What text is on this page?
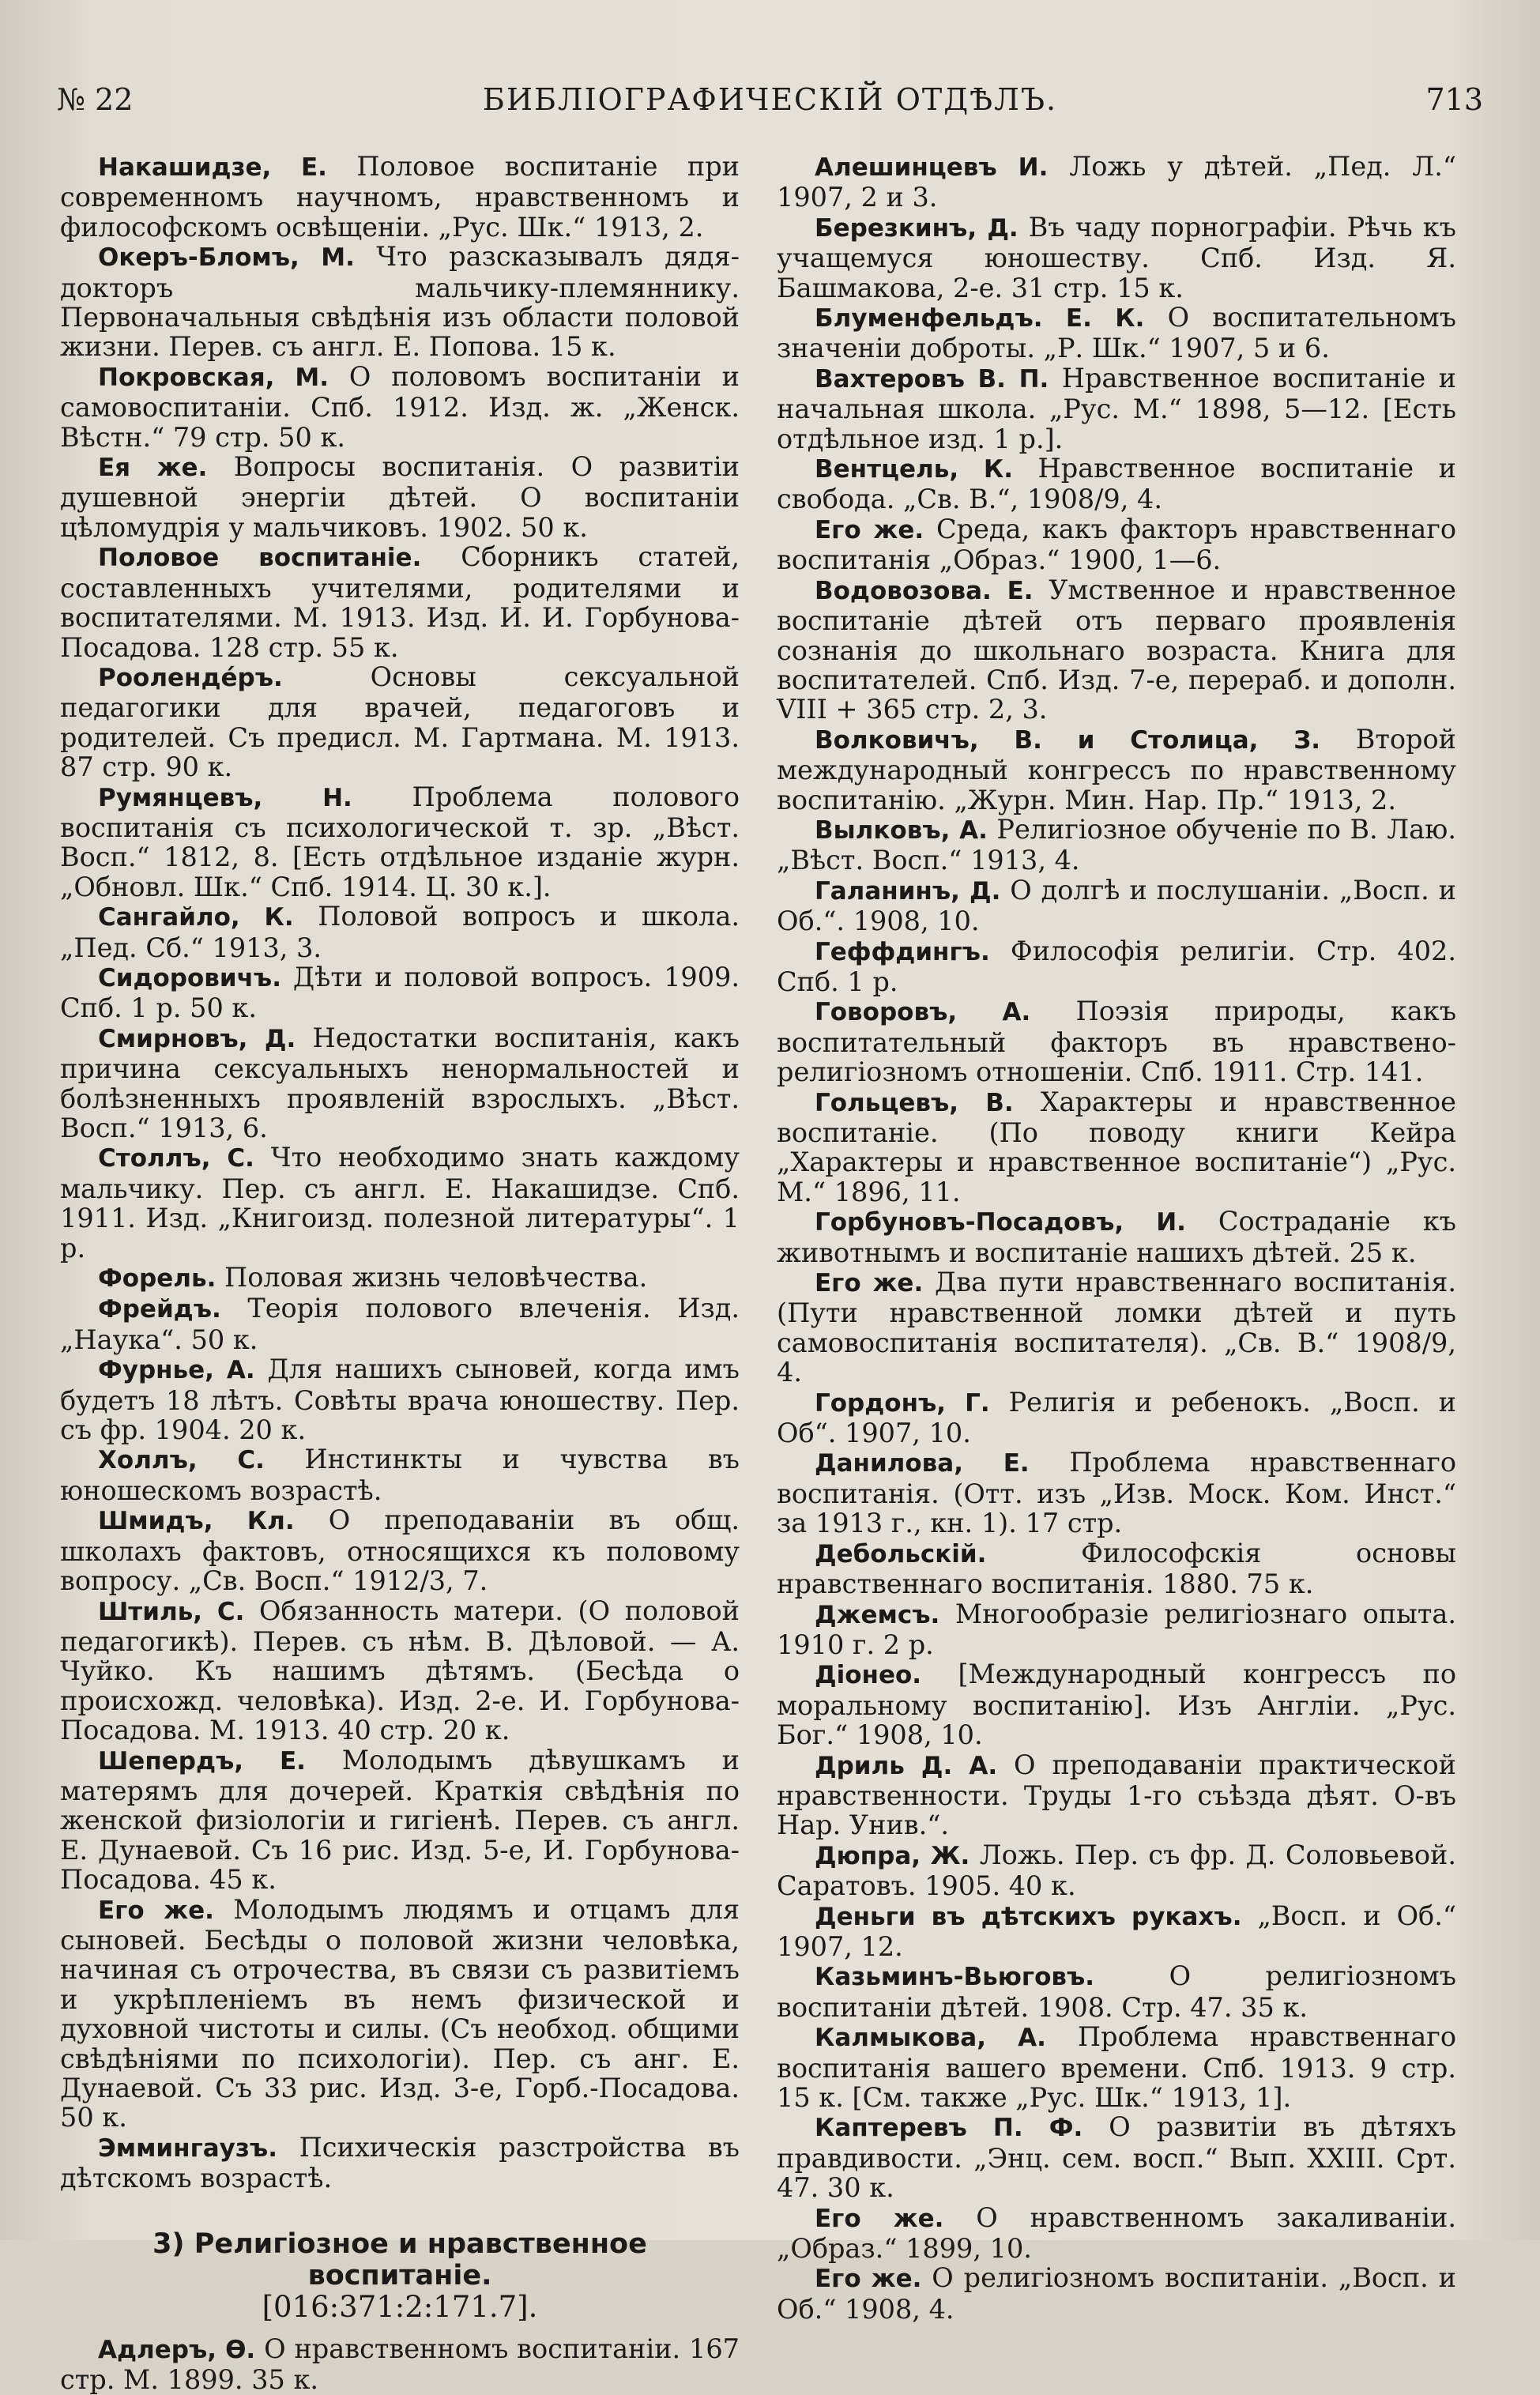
№ 22	БИБЛІОГРАФИЧЕСКІЙ ОТДѢЛЪ.	713

Накашидзе, Е. Половое воспитаніе при современномъ научномъ, нравственномъ и философскомъ освѣщеніи. „Рус. Шк.“ 1913, 2.

Океръ-Бломъ, М. Что разсказывалъ дядя-докторъ мальчику-племяннику. Первоначальныя свѣдѣнія изъ области половой жизни. Перев. съ англ. Е. Попова. 15 к.

Покровская, М. О половомъ воспитаніи и самовоспитаніи. Спб. 1912. Изд. ж. „Женск. Вѣстн.“ 79 стр. 50 к.

Ея же. Вопросы воспитанія. О развитіи душевной энергіи дѣтей. О воспитаніи цѣломудрія у мальчиковъ. 1902. 50 к.

Половое воспитаніе. Сборникъ статей, составленныхъ учителями, родителями и воспитателями. М. 1913. Изд. И. И. Горбунова-Посадова. 128 стр. 55 к.

Рооленде́ръ. Основы сексуальной педагогики для врачей, педагоговъ и родителей. Съ предисл. М. Гартмана. М. 1913. 87 стр. 90 к.

Румянцевъ, Н. Проблема полового воспитанія съ психологической т. зр. „Вѣст. Восп.“ 1812, 8. [Есть отдѣльное изданіе журн. „Обновл. Шк.“ Спб. 1914. Ц. 30 к.].

Сангайло, К. Половой вопросъ и школа. „Пед. Сб.“ 1913, 3.

Сидоровичъ. Дѣти и половой вопросъ. 1909. Спб. 1 р. 50 к.

Смирновъ, Д. Недостатки воспитанія, какъ причина сексуальныхъ ненормальностей и болѣзненныхъ проявленій взрослыхъ. „Вѣст. Восп.“ 1913, 6.

Столлъ, С. Что необходимо знать каждому мальчику. Пер. съ англ. Е. Накашидзе. Спб. 1911. Изд. „Книгоизд. полезной литературы“. 1 р.

Форель. Половая жизнь человѣчества.

Фрейдъ. Теорія полового влеченія. Изд. „Наука“. 50 к.

Фурнье, А. Для нашихъ сыновей, когда имъ будетъ 18 лѣтъ. Совѣты врача юношеству. Пер. съ фр. 1904. 20 к.

Холлъ, С. Инстинкты и чувства въ юношескомъ возрастѣ.

Шмидъ, Кл. О преподаваніи въ общ. школахъ фактовъ, относящихся къ половому вопросу. „Св. Восп.“ 1912/3, 7.

Штиль, С. Обязанность матери. (О половой педагогикѣ). Перев. съ нѣм. В. Дѣловой. — А. Чуйко. Къ нашимъ дѣтямъ. (Бесѣда о происхожд. человѣка). Изд. 2-е. И. Горбунова-Посадова. М. 1913. 40 стр. 20 к.

Шепердъ, Е. Молодымъ дѣвушкамъ и матерямъ для дочерей. Краткія свѣдѣнія по женской физіологіи и гигіенѣ. Перев. съ англ. Е. Дунаевой. Съ 16 рис. Изд. 5-е, И. Горбунова-Посадова. 45 к.

Его же. Молодымъ людямъ и отцамъ для сыновей. Бесѣды о половой жизни человѣка, начиная съ отрочества, въ связи съ развитіемъ и укрѣпленіемъ въ немъ физической и духовной чистоты и силы. (Съ необход. общими свѣдѣніями по психологіи). Пер. съ анг. Е. Дунаевой. Съ 33 рис. Изд. 3-е, Горб.-Посадова. 50 к.

Эммингаузъ. Психическія разстройства въ дѣтскомъ возрастѣ.

3) Религіозное и нравственное воспитаніе.
[016:371:2:171.7].

Адлеръ, Ѳ. О нравственномъ воспитаніи. 167 стр. М. 1899. 35 к.

Алешинцевъ И. Ложь у дѣтей. „Пед. Л.“ 1907, 2 и 3.

Березкинъ, Д. Въ чаду порнографіи. Рѣчь къ учащемуся юношеству. Спб. Изд. Я. Башмакова, 2-е. 31 стр. 15 к.

Блуменфельдъ. Е. К. О воспитательномъ значеніи доброты. „Р. Шк.“ 1907, 5 и 6.

Вахтеровъ В. П. Нравственное воспитаніе и начальная школа. „Рус. М.“ 1898, 5—12. [Есть отдѣльное изд. 1 р.].

Вентцель, К. Нравственное воспитаніе и свобода. „Св. В.“, 1908/9, 4.

Его же. Среда, какъ факторъ нравственнаго воспитанія „Образ.“ 1900, 1—6.

Водовозова. Е. Умственное и нравственное воспитаніе дѣтей отъ перваго проявленія сознанія до школьнаго возраста. Книга для воспитателей. Спб. Изд. 7-е, перераб. и дополн. VIII + 365 стр. 2, 3.

Волковичъ, В. и Столица, З. Второй международный конгрессъ по нравственному воспитанію. „Журн. Мин. Нар. Пр.“ 1913, 2.

Вылковъ, А. Религіозное обученіе по В. Лаю. „Вѣст. Восп.“ 1913, 4.

Галанинъ, Д. О долгѣ и послушаніи. „Восп. и Об.“. 1908, 10.

Геффдингъ. Философія религіи. Стр. 402. Спб. 1 р.

Говоровъ, А. Поэзія природы, какъ воспитательный факторъ въ нравствено-религіозномъ отношеніи. Спб. 1911. Стр. 141.

Гольцевъ, В. Характеры и нравственное воспитаніе. (По поводу книги Кейра „Характеры и нравственное воспитаніе“) „Рус. М.“ 1896, 11.

Горбуновъ-Посадовъ, И. Состраданіе къ животнымъ и воспитаніе нашихъ дѣтей. 25 к.

Его же. Два пути нравственнаго воспитанія. (Пути нравственной ломки дѣтей и путь самовоспитанія воспитателя). „Св. В.“ 1908/9, 4.

Гордонъ, Г. Религія и ребенокъ. „Восп. и Об“. 1907, 10.

Данилова, Е. Проблема нравственнаго воспитанія. (Отт. изъ „Изв. Моск. Ком. Инст.“ за 1913 г., кн. 1). 17 стр.

Дебольскій. Философскія основы нравственнаго воспитанія. 1880. 75 к.

Джемсъ. Многообразіе религіознаго опыта. 1910 г. 2 р.

Діонео. [Международный конгрессъ по моральному воспитанію]. Изъ Англіи. „Рус. Бог.“ 1908, 10.

Дриль Д. А. О преподаваніи практической нравственности. Труды 1-го съѣзда дѣят. О-въ Нар. Унив.“.

Дюпра, Ж. Ложь. Пер. съ фр. Д. Соловьевой. Саратовъ. 1905. 40 к.

Деньги въ дѣтскихъ рукахъ. „Восп. и Об.“ 1907, 12.

Казьминъ-Вьюговъ. О религіозномъ воспитаніи дѣтей. 1908. Стр. 47. 35 к.

Калмыкова, А. Проблема нравственнаго воспитанія вашего времени. Спб. 1913. 9 стр. 15 к. [См. также „Рус. Шк.“ 1913, 1].

Каптеревъ П. Ф. О развитіи въ дѣтяхъ правдивости. „Энц. сем. восп.“ Вып. XXIII. Срт. 47. 30 к.

Его же. О нравственномъ закаливаніи. „Образ.“ 1899, 10.

Его же. О религіозномъ воспитаніи. „Восп. и Об.“ 1908, 4.
